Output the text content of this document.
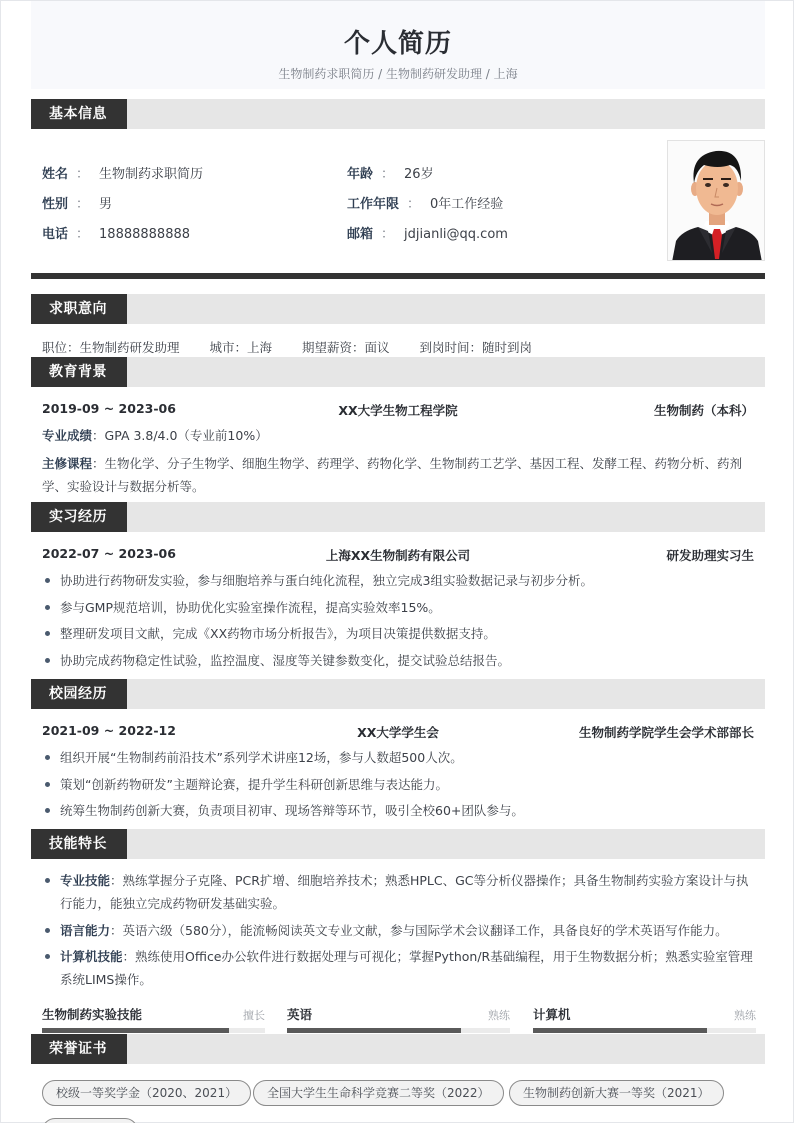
个人简历
生物制药求职简历 / 生物制药研发助理 / 上海
基本信息
姓名 ： 生物制药求职简历
性别 ： 男
电话 ： 18888888888
年龄 ： 26岁
工作年限 ： 0年工作经验
邮箱 ： jdjianli@qq.com
求职意向
职位：生物制药研发助理 城市：上海 期望薪资：面议 到岗时间：随时到岗
教育背景
2019-09 ~ 2023-06	XX大学生物工程学院	生物制药（本科）
专业成绩：GPA 3.8/4.0（专业前10%）
主修课程：生物化学、分子生物学、细胞生物学、药理学、药物化学、生物制药工艺学、基因工程、发酵工程、药物分析、药剂学、实验设计与数据分析等。
实习经历
2022-07 ~ 2023-06	上海XX生物制药有限公司	研发助理实习生
协助进行药物研发实验，参与细胞培养与蛋白纯化流程，独立完成3组实验数据记录与初步分析。
参与GMP规范培训，协助优化实验室操作流程，提高实验效率15%。
整理研发项目文献，完成《XX药物市场分析报告》，为项目决策提供数据支持。
协助完成药物稳定性试验，监控温度、湿度等关键参数变化，提交试验总结报告。
校园经历
2021-09 ~ 2022-12	XX大学学生会	生物制药学院学生会学术部部长
组织开展“生物制药前沿技术”系列学术讲座12场，参与人数超500人次。
策划“创新药物研发”主题辩论赛，提升学生科研创新思维与表达能力。
统筹生物制药创新大赛，负责项目初审、现场答辩等环节，吸引全校60+团队参与。
技能特长
专业技能：熟练掌握分子克隆、PCR扩增、细胞培养技术；熟悉HPLC、GC等分析仪器操作；具备生物制药实验方案设计与执行能力，能独立完成药物研发基础实验。
语言能力：英语六级（580分），能流畅阅读英文专业文献，参与国际学术会议翻译工作，具备良好的学术英语写作能力。
计算机技能：熟练使用Office办公软件进行数据处理与可视化；掌握Python/R基础编程，用于生物数据分析；熟悉实验室管理系统LIMS操作。
生物制药实验技能	擅长 英语	熟练 计算机	熟练
荣誉证书
校级一等奖学金（2020、2021）	全国大学生生命科学竞赛二等奖（2022）	生物制药创新大赛一等奖（2021）
